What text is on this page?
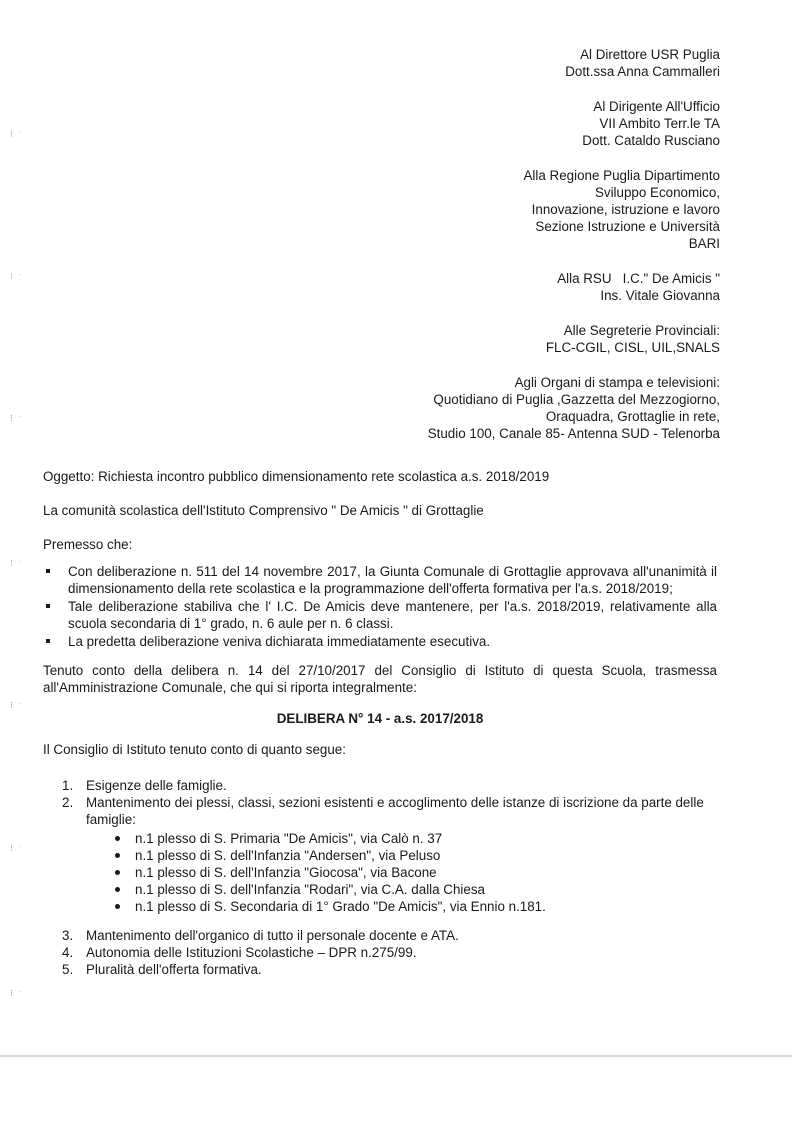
Al Direttore USR Puglia
Dott.ssa Anna Cammalleri
Al Dirigente All'Ufficio
VII Ambito Terr.le TA
Dott. Cataldo Rusciano
Alla Regione Puglia Dipartimento
Sviluppo Economico,
Innovazione, istruzione e lavoro
Sezione Istruzione e Università
BARI
Alla RSU   I.C." De Amicis "
Ins. Vitale Giovanna
Alle Segreterie Provinciali:
FLC-CGIL, CISL, UIL,SNALS
Agli Organi di stampa e televisioni:
Quotidiano di Puglia ,Gazzetta del Mezzogiorno,
Oraquadra, Grottaglie in rete,
Studio 100, Canale 85- Antenna SUD - Telenorba

Oggetto: Richiesta incontro pubblico dimensionamento rete scolastica a.s. 2018/2019

La comunità scolastica dell'Istituto Comprensivo " De Amicis " di Grottaglie

Premesso che:

Con deliberazione n. 511 del 14 novembre 2017, la Giunta Comunale di Grottaglie approvava all'unanimità il dimensionamento della rete scolastica e la programmazione dell'offerta formativa per l'a.s. 2018/2019;
Tale deliberazione stabiliva che l' I.C. De Amicis deve mantenere, per l'a.s. 2018/2019, relativamente alla scuola secondaria di 1° grado, n. 6 aule per n. 6 classi.
La predetta deliberazione veniva dichiarata immediatamente esecutiva.

Tenuto conto della delibera n. 14 del 27/10/2017 del Consiglio di Istituto di questa Scuola, trasmessa all'Amministrazione Comunale, che qui si riporta integralmente:

DELIBERA N° 14 - a.s. 2017/2018

Il Consiglio di Istituto tenuto conto di quanto segue:

1. Esigenze delle famiglie.
2. Mantenimento dei plessi, classi, sezioni esistenti e accoglimento delle istanze di iscrizione da parte delle famiglie:
n.1 plesso di S. Primaria "De Amicis", via Calò n. 37
n.1 plesso di S. dell'Infanzia "Andersen", via Peluso
n.1 plesso di S. dell'Infanzia "Giocosa", via Bacone
n.1 plesso di S. dell'Infanzia "Rodari", via C.A. dalla Chiesa
n.1 plesso di S. Secondaria di 1° Grado "De Amicis", via Ennio n.181.
3. Mantenimento dell'organico di tutto il personale docente e ATA.
4. Autonomia delle Istituzioni Scolastiche – DPR n.275/99.
5. Pluralità dell'offerta formativa.
⁝ ˑ
⁝ ˑ
⁝ ˑ
⁝ ˑ
⁝ ˑ
⁝ ˑ
⁝ ˑ
